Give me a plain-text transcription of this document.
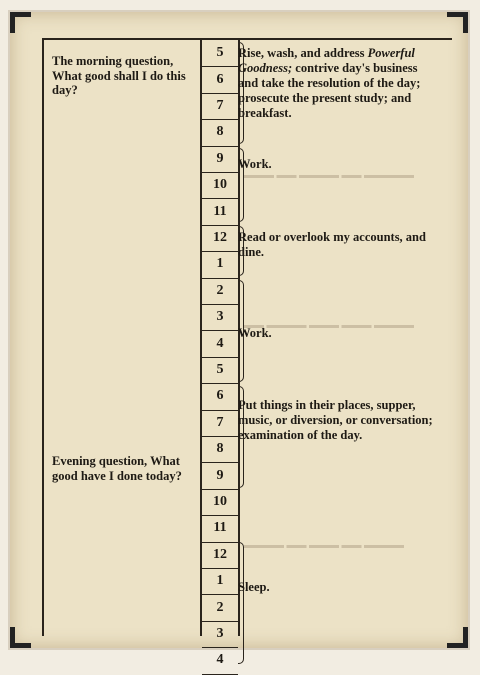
▬▬▬ ▬▬ ▬▬▬▬ ▬▬ ▬▬▬▬▬
▬▬ ▬▬▬▬ ▬▬▬ ▬▬▬ ▬▬▬▬
▬▬▬▬ ▬▬ ▬▬▬ ▬▬ ▬▬▬▬
The morning question, What good shall I do this day?
Evening question, What good have I done today?
5
6
7
8
9
10
11
12
1
2
3
4
5
6
7
8
9
10
11
12
1
2
3
4
Rise, wash, and address Powerful Goodness; contrive day's business and take the resolution of the day; prosecute the present study; and breakfast.
Work.
Read or overlook my accounts, and dine.
Work.
Put things in their places, supper, music, or diversion, or conversation; examination of the day.
Sleep.
